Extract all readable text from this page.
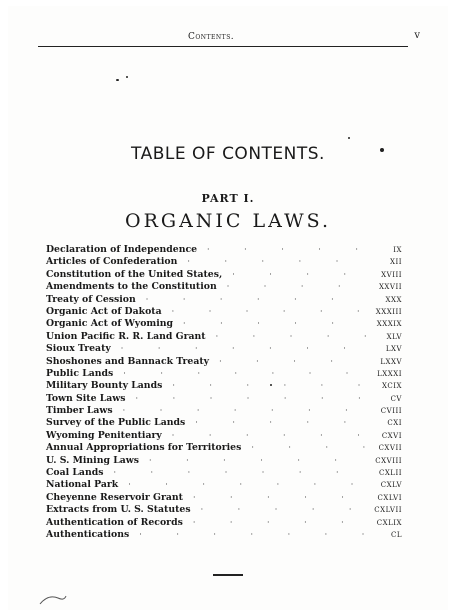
Contents.	v
TABLE OF CONTENTS.
PART I.
ORGANIC LAWS.
Declaration of Independence · · ·	IX
Articles of Confederation · · ·	XII
Constitution of the United States, · · ·	XVIII
Amendments to the Constitution · · ·	XXVII
Treaty of Cession · · ·	XXX
Organic Act of Dakota · · ·	XXXIII
Organic Act of Wyoming · · ·	XXXIX
Union Pacific R. R. Land Grant · · ·	XLV
Sioux Treaty · · ·	LXV
Shoshones and Bannack Treaty · · ·	LXXV
Public Lands · · ·	LXXXI
Military Bounty Lands · · ·	XCIX
Town Site Laws · · ·	CV
Timber Laws · · ·	CVIII
Survey of the Public Lands · · ·	CXI
Wyoming Penitentiary · · ·	CXVI
Annual Appropriations for Territories · · ·	CXVII
U. S. Mining Laws · · ·	CXVIII
Coal Lands · · ·	CXLII
National Park · · ·	CXLV
Cheyenne Reservoir Grant · · ·	CXLVI
Extracts from U. S. Statutes · · ·	CXLVII
Authentication of Records · · ·	CXLIX
Authentications · · ·	CL
